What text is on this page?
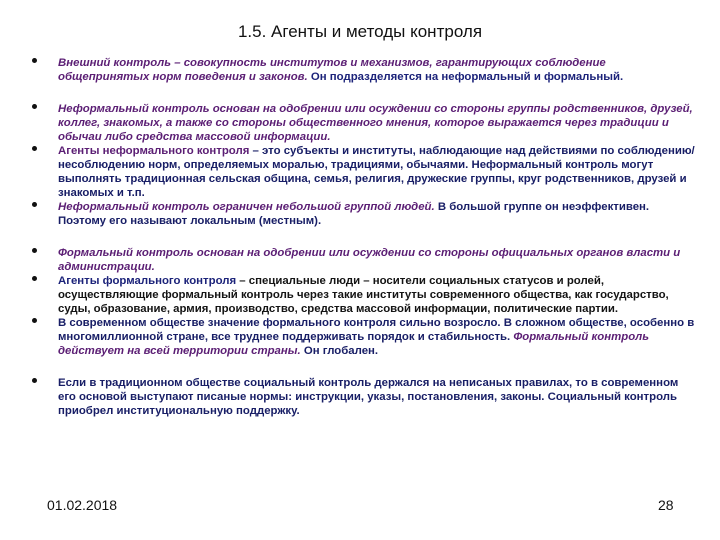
1.5. Агенты и методы контроля
Внешний контроль – совокупность институтов и механизмов, гарантирующих соблюдение общепринятых норм поведения и законов. Он подразделяется на неформальный и формальный.
Неформальный контроль основан на одобрении или осуждении со стороны группы родственников, друзей, коллег, знакомых, а также со стороны общественного мнения, которое выражается через традиции и обычаи либо средства массовой информации.
Агенты неформального контроля – это субъекты и институты, наблюдающие над действиями по соблюдению/несоблюдению норм, определяемых моралью, традициями, обычаями. Неформальный контроль могут выполнять традиционная сельская община, семья, религия, дружеские группы, круг родственников, друзей и знакомых и т.п.
Неформальный контроль ограничен небольшой группой людей. В большой группе он неэффективен. Поэтому его называют локальным (местным).
Формальный контроль основан на одобрении или осуждении со стороны официальных органов власти и администрации.
Агенты формального контроля – специальные люди – носители социальных статусов и ролей, осуществляющие формальный контроль через такие институты современного общества, как государство, суды, образование, армия, производство, средства массовой информации, политические партии.
В современном обществе значение формального контроля сильно возросло. В сложном обществе, особенно в многомиллионной стране, все труднее поддерживать порядок и стабильность. Формальный контроль действует на всей территории страны. Он глобален.
Если в традиционном обществе социальный контроль держался на неписаных правилах, то в современном его основой выступают писаные нормы: инструкции, указы, постановления, законы. Социальный контроль приобрел институциональную поддержку.
01.02.2018	28
